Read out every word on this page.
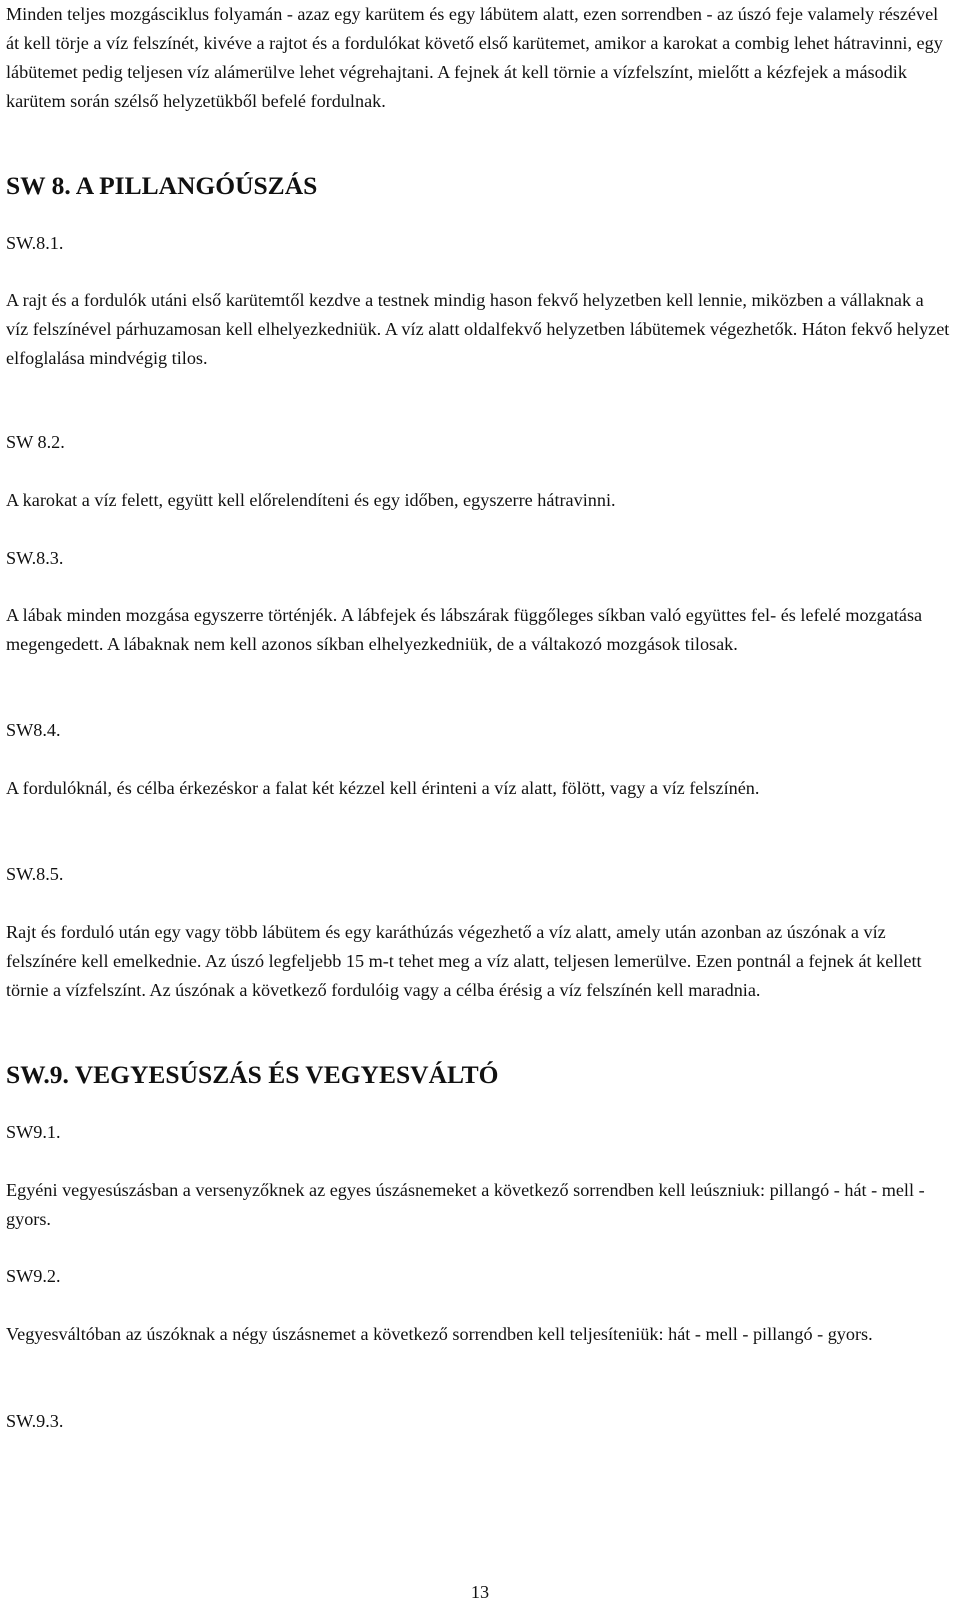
Minden teljes mozgásciklus folyamán - azaz egy karütem és egy lábütem alatt, ezen sorrendben - az úszó feje valamely részével át kell törje a víz felszínét, kivéve a rajtot és a fordulókat követő első karütemet, amikor a karokat a combig lehet hátravinni, egy lábütemet pedig teljesen víz alámerülve lehet végrehajtani. A fejnek át kell törnie a vízfelszínt, mielőtt a kézfejek a második karütem során szélső helyzetükből befelé fordulnak.

SW 8. A PILLANGÓÚSZÁS
SW.8.1.

A rajt és a fordulók utáni első karütemtől kezdve a testnek mindig hason fekvő helyzetben kell lennie, miközben a vállaknak a víz felszínével párhuzamosan kell elhelyezkedniük. A víz alatt oldalfekvő helyzetben lábütemek végezhetők. Háton fekvő helyzet elfoglalása mindvégig tilos.

SW 8.2.

A karokat a víz felett, együtt kell előrelendíteni és egy időben, egyszerre hátravinni.

SW.8.3.

A lábak minden mozgása egyszerre történjék. A lábfejek és lábszárak függőleges síkban való együttes fel- és lefelé mozgatása megengedett. A lábaknak nem kell azonos síkban elhelyezkedniük, de a váltakozó mozgások tilosak.

SW8.4.

A fordulóknál, és célba érkezéskor a falat két kézzel kell érinteni a víz alatt, fölött, vagy a víz felszínén.

SW.8.5.

Rajt és forduló után egy vagy több lábütem és egy karáthúzás végezhető a víz alatt, amely után azonban az úszónak a víz felszínére kell emelkednie. Az úszó legfeljebb 15 m-t tehet meg a víz alatt, teljesen lemerülve. Ezen pontnál a fejnek át kellett törnie a vízfelszínt. Az úszónak a következő fordulóig vagy a célba érésig a víz felszínén kell maradnia.

SW.9. VEGYESÚSZÁS ÉS VEGYESVÁLTÓ
SW9.1.

Egyéni vegyesúszásban a versenyzőknek az egyes úszásnemeket a következő sorrendben kell leúszniuk: pillangó - hát - mell - gyors.

SW9.2.

Vegyesváltóban az úszóknak a négy úszásnemet a következő sorrendben kell teljesíteniük: hát - mell - pillangó - gyors.

SW.9.3.
13
